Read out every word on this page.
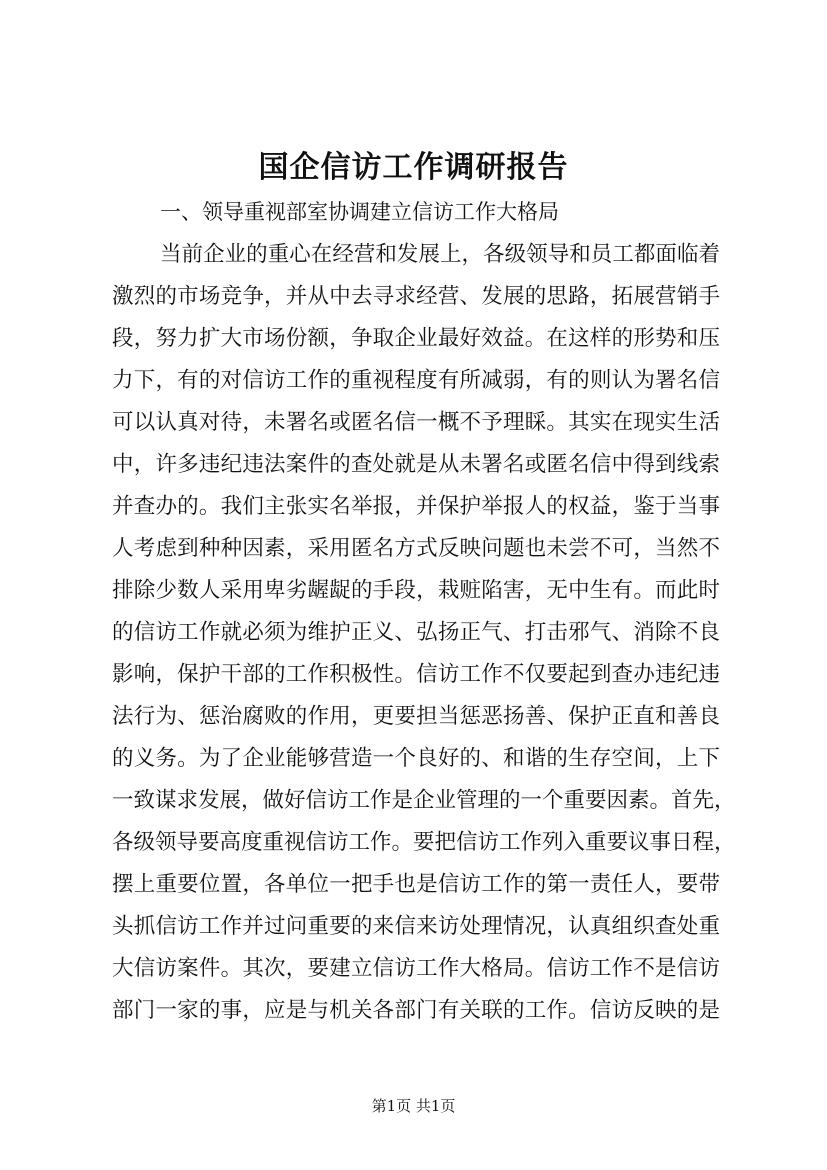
国企信访工作调研报告

一、领导重视部室协调建立信访工作大格局

当前企业的重心在经营和发展上，各级领导和员工都面临着

激烈的市场竞争，并从中去寻求经营、发展的思路，拓展营销手

段，努力扩大市场份额，争取企业最好效益。在这样的形势和压

力下，有的对信访工作的重视程度有所减弱，有的则认为署名信

可以认真对待，未署名或匿名信一概不予理睬。其实在现实生活

中，许多违纪违法案件的查处就是从未署名或匿名信中得到线索

并查办的。我们主张实名举报，并保护举报人的权益，鉴于当事

人考虑到种种因素，采用匿名方式反映问题也未尝不可，当然不

排除少数人采用卑劣龌龊的手段，栽赃陷害，无中生有。而此时

的信访工作就必须为维护正义、弘扬正气、打击邪气、消除不良

影响，保护干部的工作积极性。信访工作不仅要起到查办违纪违

法行为、惩治腐败的作用，更要担当惩恶扬善、保护正直和善良

的义务。为了企业能够营造一个良好的、和谐的生存空间，上下

一致谋求发展，做好信访工作是企业管理的一个重要因素。首先，

各级领导要高度重视信访工作。要把信访工作列入重要议事日程，

摆上重要位置，各单位一把手也是信访工作的第一责任人，要带

头抓信访工作并过问重要的来信来访处理情况，认真组织查处重

大信访案件。其次，要建立信访工作大格局。信访工作不是信访

部门一家的事，应是与机关各部门有关联的工作。信访反映的是

第1页 共1页
